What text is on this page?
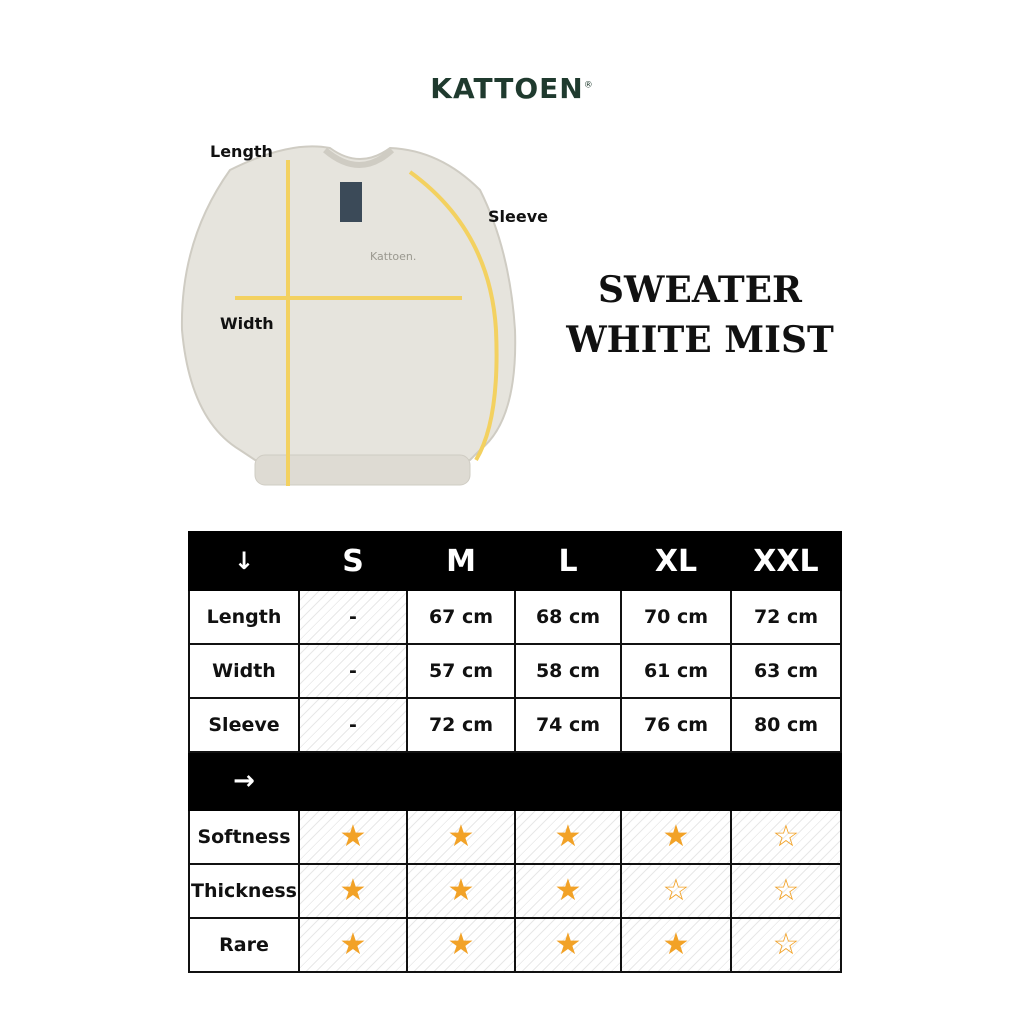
KATTOEN®
Kattoen.
Length
Sleeve
Width
SWEATER
WHITE MIST
↓	S	M	L	XL	XXL
Length	-	67 cm	68 cm	70 cm	72 cm
Width	-	57 cm	58 cm	61 cm	63 cm
Sleeve	-	72 cm	74 cm	76 cm	80 cm
→					
Softness	★	★	★	★	☆
Thickness	★	★	★	☆	☆
Rare	★	★	★	★	☆
